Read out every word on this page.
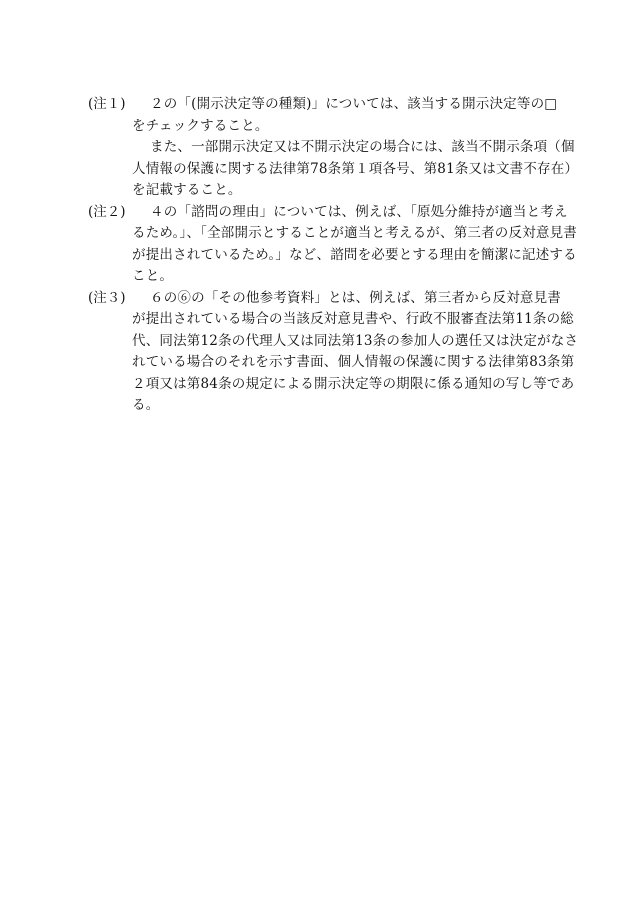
(注１)	２の「(開示決定等の種類)」については、該当する開示決定等の□
をチェックすること。

また、一部開示決定又は不開示決定の場合には、該当不開示条項（個
人情報の保護に関する法律第78条第１項各号、第81条又は文書不存在）
を記載すること。

(注２)	４の「諮問の理由」については、例えば、「原処分維持が適当と考え
るため。」、「全部開示とすることが適当と考えるが、第三者の反対意見書
が提出されているため。」など、諮問を必要とする理由を簡潔に記述する
こと。

(注３)	６の⑥の「その他参考資料」とは、例えば、第三者から反対意見書
が提出されている場合の当該反対意見書や、行政不服審査法第11条の総
代、同法第12条の代理人又は同法第13条の参加人の選任又は決定がなさ
れている場合のそれを示す書面、個人情報の保護に関する法律第83条第
２項又は第84条の規定による開示決定等の期限に係る通知の写し等であ
る。
